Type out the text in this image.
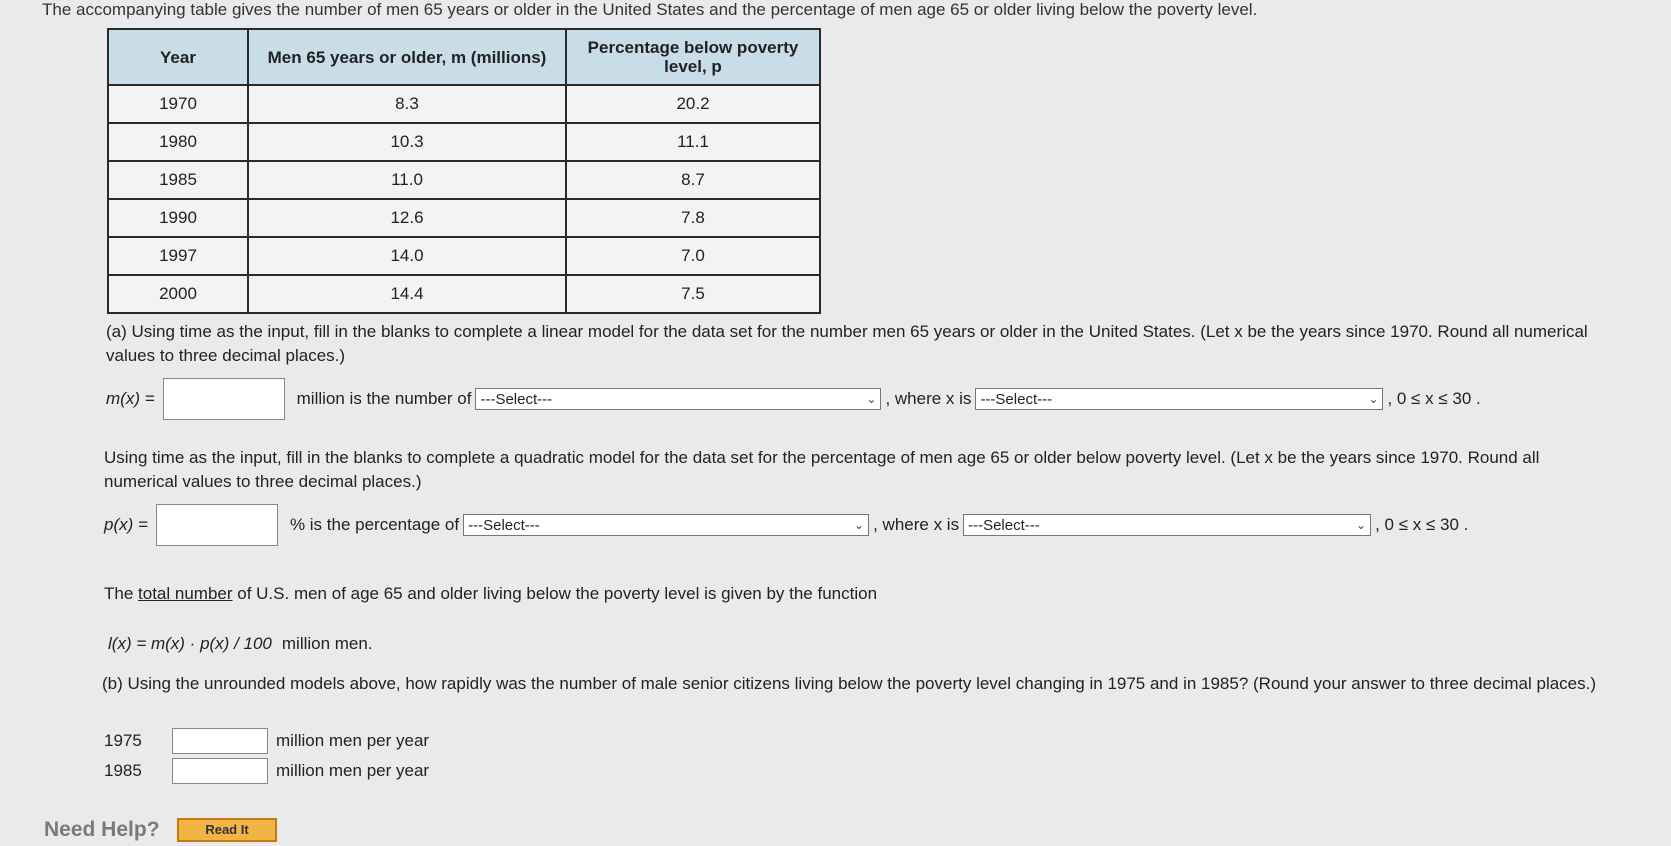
The accompanying table gives the number of men 65 years or older in the United States and the percentage of men age 65 or older living below the poverty level.
Year	Men 65 years or older, m (millions)	Percentage below poverty level, p
1970	8.3	20.2
1980	10.3	11.1
1985	11.0	8.7
1990	12.6	7.8
1997	14.0	7.0
2000	14.4	7.5
(a) Using time as the input, fill in the blanks to complete a linear model for the data set for the number men 65 years or older in the United States. (Let x be the years since 1970. Round all numerical values to three decimal places.)
m(x) =	million is the number of ---Select---	⌄ , where x is ---Select---	⌄ , 0 ≤ x ≤ 30 .
Using time as the input, fill in the blanks to complete a quadratic model for the data set for the percentage of men age 65 or older below poverty level. (Let x be the years since 1970. Round all numerical values to three decimal places.)
p(x) =	% is the percentage of ---Select---	⌄ , where x is ---Select---	⌄ , 0 ≤ x ≤ 30 .
The total number of U.S. men of age 65 and older living below the poverty level is given by the function
l(x) = m(x) · p(x) / 100 million men.
(b) Using the unrounded models above, how rapidly was the number of male senior citizens living below the poverty level changing in 1975 and in 1985? (Round your answer to three decimal places.)
1975	million men per year
1985	million men per year
Need Help?	Read It
